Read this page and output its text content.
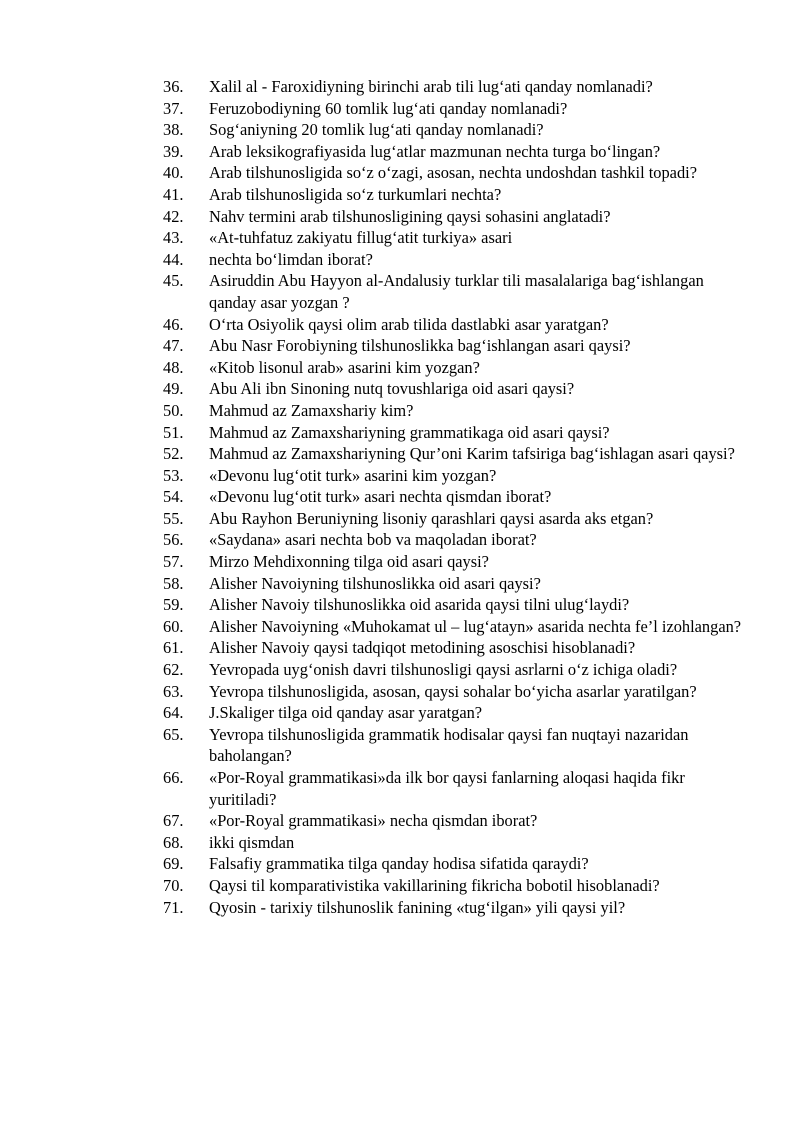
36.	Xalil al - Faroxidiyning birinchi arab tili lug‘ati qanday nomlanadi?
37.	Feruzobodiyning 60 tomlik lug‘ati qanday nomlanadi?
38.	Sog‘aniyning 20 tomlik lug‘ati qanday nomlanadi?
39.	Arab leksikografiyasida lug‘atlar mazmunan nechta turga bo‘lingan?
40.	Arab tilshunosligida so‘z o‘zagi, asosan, nechta undoshdan tashkil topadi?
41.	Arab tilshunosligida so‘z turkumlari nechta?
42.	Nahv termini arab tilshunosligining qaysi sohasini anglatadi?
43.	«At-tuhfatuz zakiyatu fillug‘atit turkiya» asari
44.	nechta bo‘limdan iborat?
45.	Asiruddin Abu Hayyon al-Andalusiy turklar tili masalalariga bag‘ishlangan qanday asar yozgan ?
46.	O‘rta Osiyolik qaysi olim arab tilida dastlabki asar yaratgan?
47.	Abu Nasr Forobiyning tilshunoslikka bag‘ishlangan asari qaysi?
48.	«Kitob lisonul arab» asarini kim yozgan?
49.	Abu Ali ibn Sinoning nutq tovushlariga oid asari qaysi?
50.	Mahmud az Zamaxshariy kim?
51.	Mahmud az Zamaxshariyning grammatikaga oid asari qaysi?
52.	Mahmud az Zamaxshariyning Qur’oni Karim tafsiriga bag‘ishlagan asari qaysi?
53.	«Devonu lug‘otit turk» asarini kim yozgan?
54.	«Devonu lug‘otit turk» asari nechta qismdan iborat?
55.	Abu Rayhon Beruniyning lisoniy qarashlari qaysi asarda aks etgan?
56.	«Saydana» asari nechta bob va maqoladan iborat?
57.	Mirzo Mehdixonning tilga oid asari qaysi?
58.	Alisher Navoiyning tilshunoslikka oid asari qaysi?
59.	Alisher Navoiy tilshunoslikka oid asarida qaysi tilni ulug‘laydi?
60.	Alisher Navoiyning «Muhokamat ul – lug‘atayn» asarida nechta fe’l izohlangan?
61.	Alisher Navoiy qaysi tadqiqot metodining asoschisi hisoblanadi?
62.	Yevropada uyg‘onish davri tilshunosligi qaysi asrlarni o‘z ichiga oladi?
63.	Yevropa tilshunosligida, asosan, qaysi sohalar bo‘yicha asarlar yaratilgan?
64.	J.Skaliger tilga oid qanday asar yaratgan?
65.	Yevropa tilshunosligida grammatik hodisalar qaysi fan nuqtayi nazaridan baholangan?
66.	«Por-Royal grammatikasi»da ilk bor qaysi fanlarning aloqasi haqida fikr yuritiladi?
67.	«Por-Royal grammatikasi» necha qismdan iborat?
68.	ikki qismdan
69.	Falsafiy grammatika tilga qanday hodisa sifatida qaraydi?
70.	Qaysi til komparativistika vakillarining fikricha bobotil hisoblanadi?
71.	Qyosin - tarixiy tilshunoslik fanining «tug‘ilgan» yili qaysi yil?
